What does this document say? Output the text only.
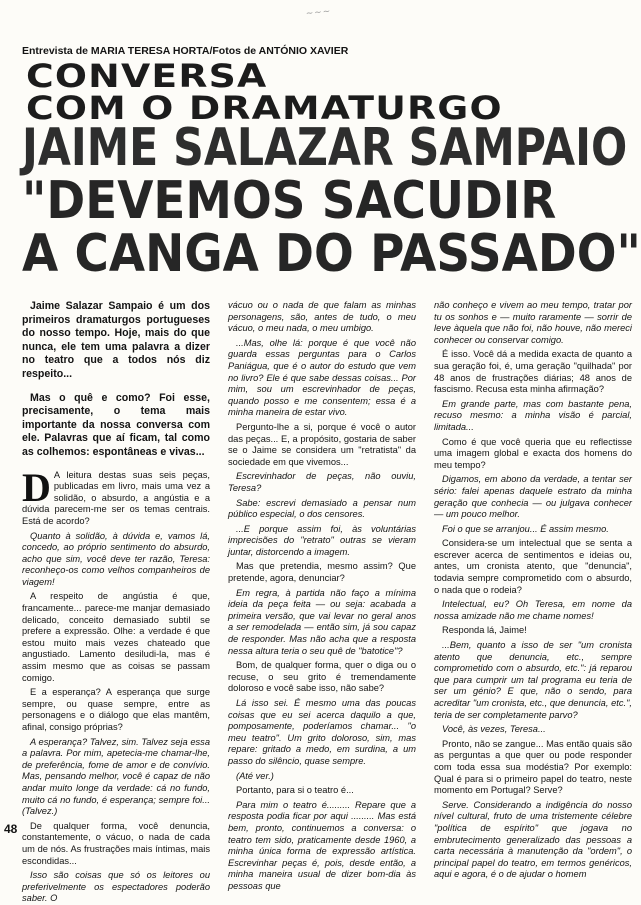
~~~
Entrevista de MARIA TERESA HORTA/Fotos de ANTÓNIO XAVIER
CONVERSA
COM O DRAMATURGO
JAIME SALAZAR SAMPAIO
"DEVEMOS SACUDIR
A CANGA DO PASSADO"

Jaime Salazar Sampaio é um dos primeiros dramaturgos portugueses do nosso tempo. Hoje, mais do que nunca, ele tem uma palavra a dizer no teatro que a todos nós diz respeito...

Mas o quê e como? Foi esse, precisamente, o tema mais importante da nossa conversa com ele. Palavras que aí ficam, tal como as colhemos: espontâneas e vivas...

D A leitura destas suas seis peças, publicadas em livro, mais uma vez a solidão, o absurdo, a angústia e a dúvida parecem-me ser os temas centrais. Está de acordo?

Quanto à solidão, à dúvida e, vamos lá, concedo, ao próprio sentimento do absurdo, acho que sim, você deve ter razão, Teresa: reconheço-os como velhos companheiros de viagem!

A respeito de angústia é que, francamente... parece-me manjar demasiado delicado, conceito demasiado subtil se prefere a expressão. Olhe: a verdade é que estou muito mais vezes chateado que angustiado. Lamento desiludi-la, mas é assim mesmo que as coisas se passam comigo.

E a esperança? A esperança que surge sempre, ou quase sempre, entre as personagens e o diálogo que elas mantêm, afinal, consigo próprias?

A esperança? Talvez, sim. Talvez seja essa a palavra. Por mim, apetecia-me chamar-lhe, de preferência, fome de amor e de convívio. Mas, pensando melhor, você é capaz de não andar muito longe da verdade: cá no fundo, muito cá no fundo, é esperança; sempre foi... (Talvez.)

De qualquer forma, você denuncia, constantemente, o vácuo, o nada de cada um de nós. As frustrações mais íntimas, mais escondidas...

Isso são coisas que só os leitores ou preferivelmente os espectadores poderão saber. O

vácuo ou o nada de que falam as minhas personagens, são, antes de tudo, o meu vácuo, o meu nada, o meu umbigo.

...Mas, olhe lá: porque é que você não guarda essas perguntas para o Carlos Paniágua, que é o autor do estudo que vem no livro? Ele é que sabe dessas coisas... Por mim, sou um escrevinhador de peças, quando posso e me consentem; essa é a minha maneira de estar vivo.

Pergunto-lhe a si, porque é você o autor das peças... E, a propósito, gostaria de saber se o Jaime se considera um "retratista" da sociedade em que vivemos...

Escrevinhador de peças, não ouviu, Teresa?

Sabe: escrevi demasiado a pensar num público especial, o dos censores.

...E porque assim foi, às voluntárias imprecisões do "retrato" outras se vieram juntar, distorcendo a imagem.

Mas que pretendia, mesmo assim? Que pretende, agora, denunciar?

Em regra, à partida não faço a mínima ideia da peça feita — ou seja: acabada a primeira versão, que vai levar no geral anos a ser remodelada — então sim, já sou capaz de responder. Mas não acha que a resposta nessa altura teria o seu quê de "batotice"?

Bom, de qualquer forma, quer o diga ou o recuse, o seu grito é tremendamente doloroso e você sabe isso, não sabe?

Lá isso sei. É mesmo uma das poucas coisas que eu sei acerca daquilo a que, pomposamente, poderíamos chamar... "o meu teatro". Um grito doloroso, sim, mas repare: gritado a medo, em surdina, a um passo do silêncio, quase sempre.

(Até ver.)

Portanto, para si o teatro é...

Para mim o teatro é......... Repare que a resposta podia ficar por aqui ......... Mas está bem, pronto, continuemos a conversa: o teatro tem sido, praticamente desde 1960, a minha única forma de expressão artística. Escrevinhar peças é, pois, desde então, a minha maneira usual de dizer bom-dia às pessoas que

não conheço e vivem ao meu tempo, tratar por tu os sonhos e — muito raramente — sorrir de leve àquela que não foi, não houve, não mereci conhecer ou conservar comigo.

É isso. Você dá a medida exacta de quanto a sua geração foi, é, uma geração "quilhada" por 48 anos de frustrações diárias; 48 anos de fascismo. Recusa esta minha afirmação?

Em grande parte, mas com bastante pena, recuso mesmo: a minha visão é parcial, limitada...

Como é que você queria que eu reflectisse uma imagem global e exacta dos homens do meu tempo?

Digamos, em abono da verdade, a tentar ser sério: falei apenas daquele estrato da minha geração que conhecia — ou julgava conhecer — um pouco melhor.

Foi o que se arranjou... É assim mesmo.

Considera-se um intelectual que se senta a escrever acerca de sentimentos e ideias ou, antes, um cronista atento, que "denuncia", todavia sempre comprometido com o absurdo, o nada que o rodeia?

Intelectual, eu? Oh Teresa, em nome da nossa amizade não me chame nomes!

Responda lá, Jaime!

...Bem, quanto a isso de ser "um cronista atento que denuncia, etc., sempre comprometido com o absurdo, etc.": já reparou que para cumprir um tal programa eu teria de ser um génio? E que, não o sendo, para acreditar "um cronista, etc., que denuncia, etc.", teria de ser completamente parvo?

Você, às vezes, Teresa...

Pronto, não se zangue... Mas então quais são as perguntas a que quer ou pode responder com toda essa sua modéstia? Por exemplo: Qual é para si o primeiro papel do teatro, neste momento em Portugal? Serve?

Serve. Considerando a indigência do nosso nível cultural, fruto de uma tristemente célebre "política de espírito" que jogava no embrutecimento generalizado das pessoas a carta necessária à manutenção da "ordem", o principal papel do teatro, em termos genéricos, aqui e agora, é o de ajudar o homem

48
